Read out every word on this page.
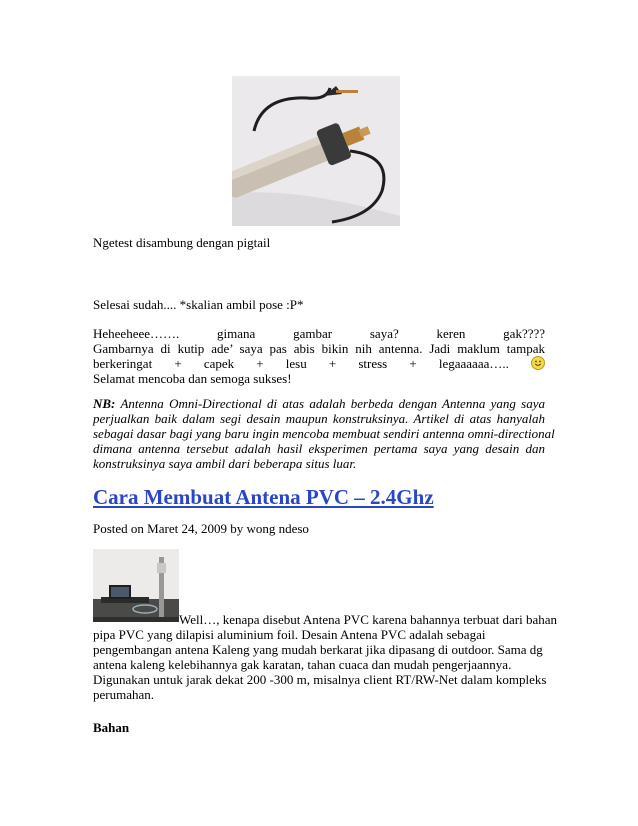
Ngetest disambung dengan pigtail
Selesai sudah.... *skalian ambil pose :P*
Heheeheee…….	gimana	gambar	saya?	keren	gak????
Gambarnya di kutip ade’ saya pas abis bikin nih antenna. Jadi maklum tampak
berkeringat + capek + lesu + stress + legaaaaaa…..
Selamat mencoba dan semoga sukses!
NB: Antenna Omni-Directional di atas adalah berbeda dengan Antenna yang saya
perjualkan baik dalam segi desain maupun konstruksinya. Artikel di atas hanyalah
sebagai dasar bagi yang baru ingin mencoba membuat sendiri antenna omni-directional
dimana antenna tersebut adalah hasil eksperimen pertama saya yang desain dan
konstruksinya saya ambil dari beberapa situs luar.
Cara Membuat Antena PVC – 2.4Ghz
Posted on Maret 24, 2009 by wong ndeso
Well…, kenapa disebut Antena PVC karena bahannya terbuat dari bahan
pipa PVC yang dilapisi aluminium foil. Desain Antena PVC adalah sebagai
pengembangan antena Kaleng yang mudah berkarat jika dipasang di outdoor. Sama dg
antena kaleng kelebihannya gak karatan, tahan cuaca dan mudah pengerjaannya.
Digunakan untuk jarak dekat 200 -300 m, misalnya client RT/RW-Net dalam kompleks
perumahan.
Bahan
